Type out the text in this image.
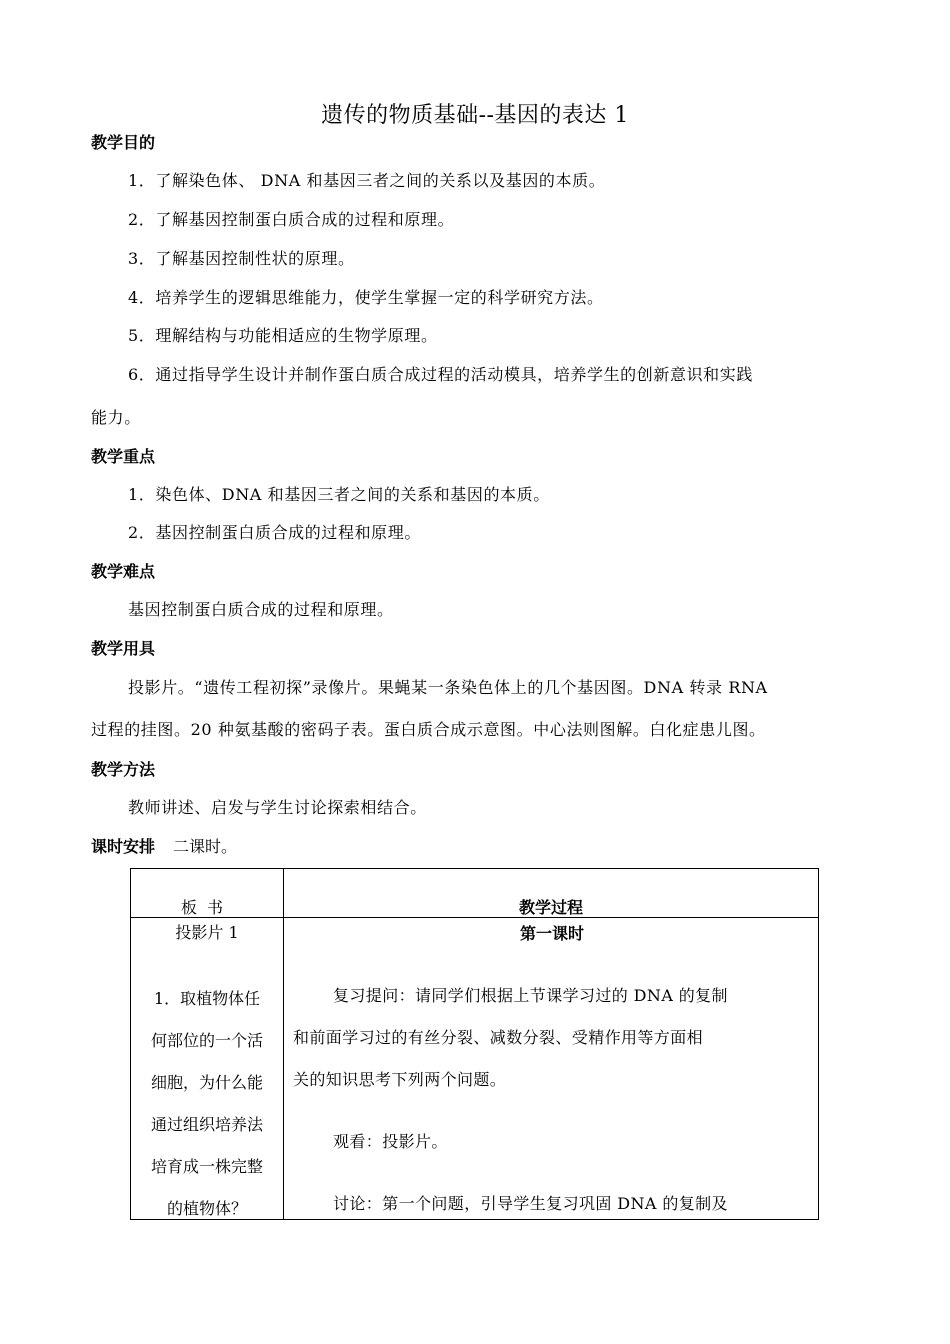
遗传的物质基础--基因的表达 1
教学目的
1．了解染色体、 DNA 和基因三者之间的关系以及基因的本质。
2．了解基因控制蛋白质合成的过程和原理。
3．了解基因控制性状的原理。
4．培养学生的逻辑思维能力，使学生掌握一定的科学研究方法。
5．理解结构与功能相适应的生物学原理。
6．通过指导学生设计并制作蛋白质合成过程的活动模具，培养学生的创新意识和实践
能力。
教学重点
1．染色体、DNA 和基因三者之间的关系和基因的本质。
2．基因控制蛋白质合成的过程和原理。
教学难点
基因控制蛋白质合成的过程和原理。
教学用具
投影片。“遗传工程初探”录像片。果蝇某一条染色体上的几个基因图。DNA 转录 RNA
过程的挂图。20 种氨基酸的密码子表。蛋白质合成示意图。中心法则图解。白化症患儿图。
教学方法
教师讲述、启发与学生讨论探索相结合。
课时安排 二课时。
板书	教学过程
投影片 1
1．取植物体任
何部位的一个活
细胞，为什么能
通过组织培养法
培育成一株完整
的植物体？
第一课时
复习提问：请同学们根据上节课学习过的 DNA 的复制
和前面学习过的有丝分裂、减数分裂、受精作用等方面相
关的知识思考下列两个问题。
观看：投影片。
讨论：第一个问题，引导学生复习巩固 DNA 的复制及
